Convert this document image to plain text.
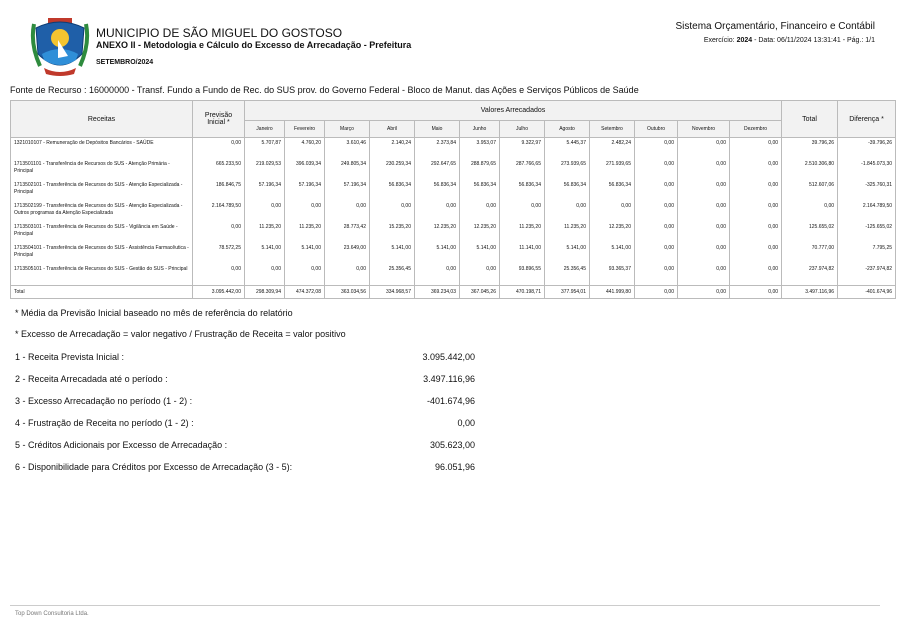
MUNICIPIO DE SÃO MIGUEL DO GOSTOSO
ANEXO II - Metodologia e Cálculo do Excesso de Arrecadação - Prefeitura
SETEMBRO/2024
Sistema Orçamentário, Financeiro e Contábil
Exercício: 2024 - Data: 06/11/2024 13:31:41 - Pág.: 1/1
Fonte de Recurso : 16000000 - Transf. Fundo a Fundo de Rec. do SUS prov. do Governo Federal - Bloco de Manut. das Ações e Serviços Públicos de Saúde
Receitas	Previsão Inicial *	Valores Arrecadados												Total	Diferença *
		Janeiro	Fevereiro	Março	Abril	Maio	Junho	Julho	Agosto	Setembro	Outubro	Novembro	Dezembro		
1321010107 - Remuneração de Depósitos Bancários - SAÚDE	0,00	5.707,87	4.760,20	3.610,46	2.140,24	2.373,84	3.953,07	9.322,97	5.445,37	2.482,24	0,00	0,00	0,00	39.796,26	-39.796,26
1713501101 - Transferência de Recursos do SUS - Atenção Primária - Principal	665.233,50	219.029,53	396.039,34	249.805,34	230.259,34	292.647,65	288.879,65	287.766,65	273.939,65	271.939,65	0,00	0,00	0,00	2.510.306,80	-1.845.073,30
1713502101 - Transferência de Recursos do SUS - Atenção Especializada - Principal	186.846,75	57.196,34	57.196,34	57.196,34	56.836,34	56.836,34	56.836,34	56.836,34	56.836,34	56.836,34	0,00	0,00	0,00	512.607,06	-325.760,31
1713502199 - Transferência de Recursos do SUS - Atenção Especializada - Outros programas da Atenção Especializada	2.164.789,50	0,00	0,00	0,00	0,00	0,00	0,00	0,00	0,00	0,00	0,00	0,00	0,00	0,00	2.164.789,50
1713503101 - Transferência de Recursos do SUS - Vigilância em Saúde - Principal	0,00	11.235,20	11.235,20	28.773,42	15.235,20	12.235,20	12.235,20	11.235,20	11.235,20	12.235,20	0,00	0,00	0,00	125.655,02	-125.655,02
1713504101 - Transferência de Recursos do SUS - Assistência Farmacêutica - Principal	78.572,25	5.141,00	5.141,00	23.649,00	5.141,00	5.141,00	5.141,00	11.141,00	5.141,00	5.141,00	0,00	0,00	0,00	70.777,00	7.795,25
1713505101 - Transferência de Recursos do SUS - Gestão do SUS - Principal	0,00	0,00	0,00	0,00	25.356,45	0,00	0,00	93.896,55	25.356,45	93.365,37	0,00	0,00	0,00	237.974,82	-237.974,82
Total	3.095.442,00	298.309,94	474.372,08	363.034,56	334.968,57	369.234,03	367.045,26	470.198,71	377.954,01	441.999,80	0,00	0,00	0,00	3.497.116,96	-401.674,96
* Média da Previsão Inicial baseado no mês de referência do relatório
* Excesso de Arrecadação = valor negativo / Frustração de Receita = valor positivo
1 - Receita Prevista Inicial :	3.095.442,00
2 - Receita Arrecadada até o período :	3.497.116,96
3 - Excesso Arrecadação no período (1 - 2) :	-401.674,96
4 - Frustração de Receita no período (1 - 2) :	0,00
5 - Créditos Adicionais por Excesso de Arrecadação :	305.623,00
6 - Disponibilidade para Créditos por Excesso de Arrecadação (3 - 5):	96.051,96
Top Down Consultoria Ltda.
